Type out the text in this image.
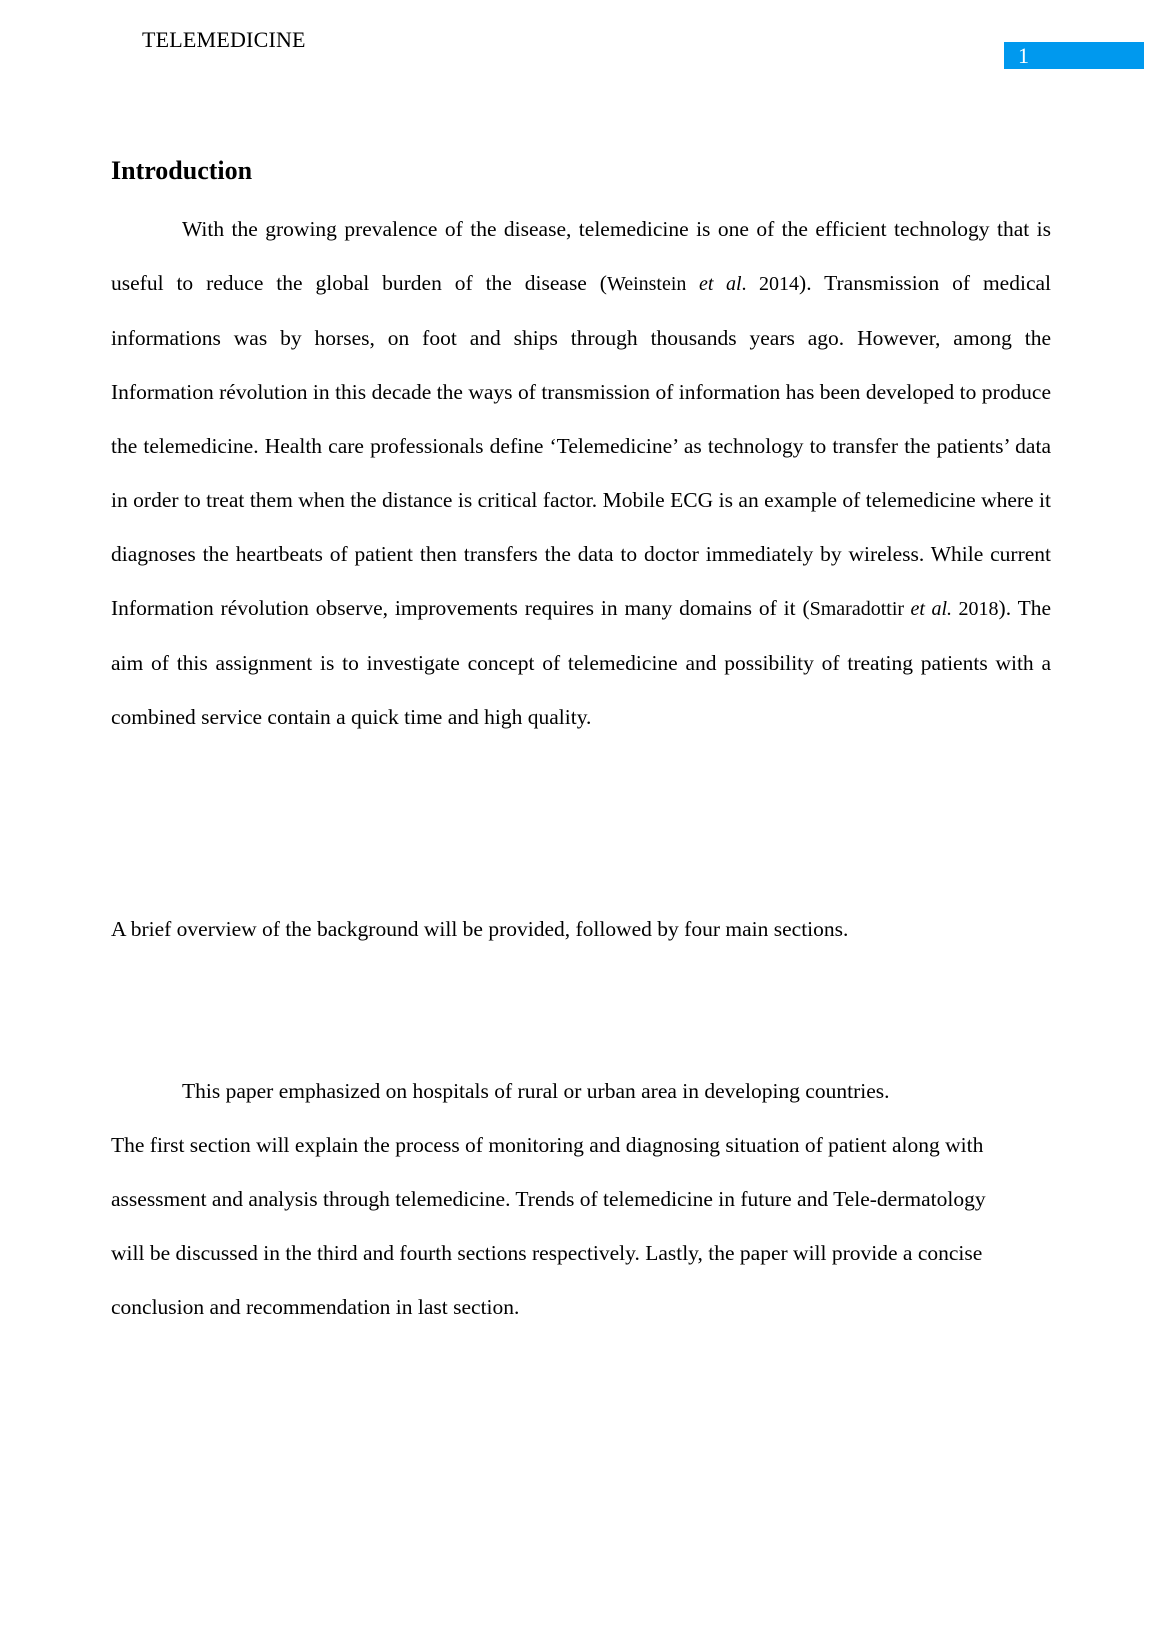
TELEMEDICINE
1
Introduction

With the growing prevalence of the disease, telemedicine is one of the efficient technology that is useful to reduce the global burden of the disease (Weinstein et al. 2014). Transmission of medical informations was by horses, on foot and ships through thousands years ago. However, among the Information révolution in this decade the ways of transmission of information has been developed to produce the telemedicine. Health care professionals define ‘Telemedicine’ as technology to transfer the patients’ data in order to treat them when the distance is critical factor. Mobile ECG is an example of telemedicine where it diagnoses the heartbeats of patient then transfers the data to doctor immediately by wireless. While current Information révolution observe, improvements requires in many domains of it (Smaradottir et al. 2018). The aim of this assignment is to investigate concept of telemedicine and possibility of treating patients with a combined service contain a quick time and high quality.

A brief overview of the background will be provided, followed by four main sections.

This paper emphasized on hospitals of rural or urban area in developing countries.

The first section will explain the process of monitoring and diagnosing situation of patient along with assessment and analysis through telemedicine. Trends of telemedicine in future and Tele-dermatology will be discussed in the third and fourth sections respectively. Lastly, the paper will provide a concise conclusion and recommendation in last section.
